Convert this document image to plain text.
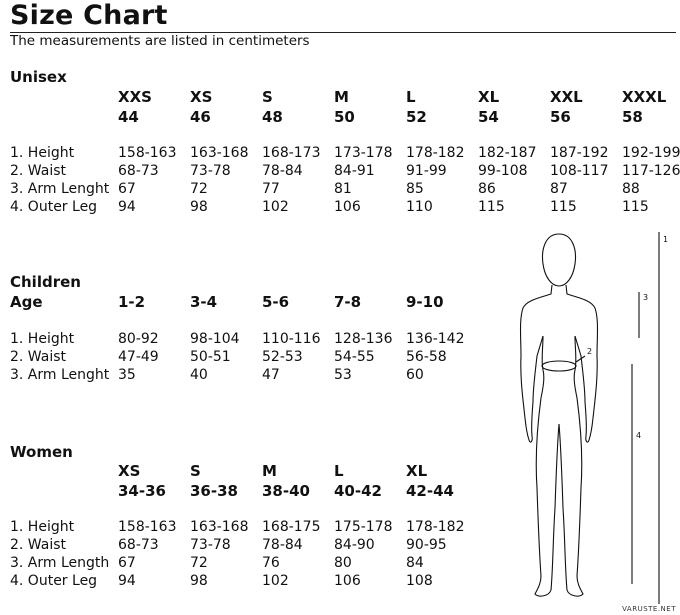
Size Chart
The measurements are listed in centimeters
Unisex
XXS	XS	S	M	L	XL	XXL	XXXL
44	46	48	50	52	54	56	58
1. Height	158-163 163-168 168-173 173-178 178-182 182-187 187-192 192-199
2. Waist	68-73 73-78 78-84 84-91 91-99 99-108 108-117 117-126
3. Arm Lenght 67	72	77	81	85	86	87	88
4. Outer Leg 94	98	102	106	110	115	115	115
Children
Age	1-2	3-4	5-6	7-8	9-10
1. Height	80-92 98-104 110-116 128-136 136-142
2. Waist	47-49 50-51 52-53 54-55 56-58
3. Arm Lenght 35	40	47	53	60
Women
XS	S	M	L	XL
34-36 36-38 38-40 40-42 42-44
1. Height	158-163 163-168 168-175 175-178 178-182
2. Waist	68-73 73-78 78-84 84-90 90-95
3. Arm Length 67	72	76	80	84
4. Outer Leg 94	98	102	106	108
1
2
3
4
VARUSTE.NET
